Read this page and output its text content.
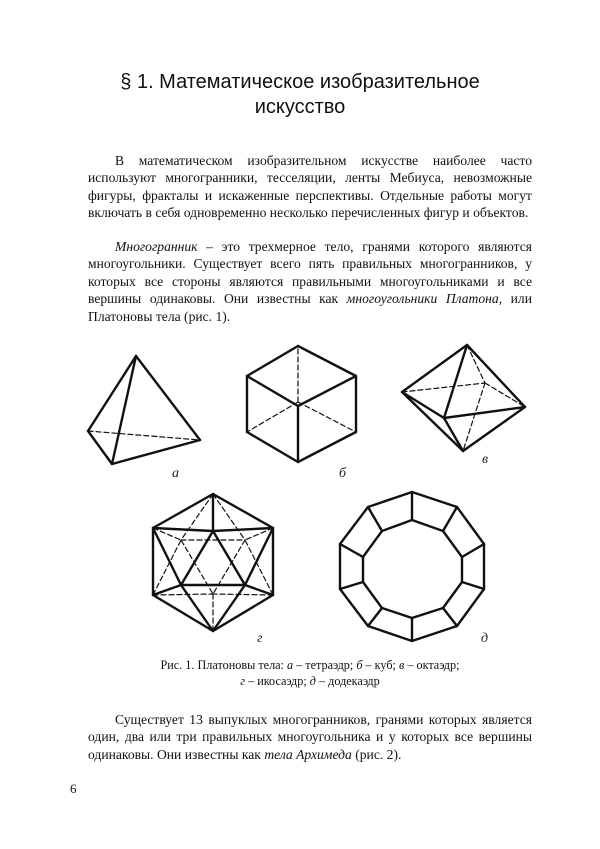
§ 1. Математическое изобразительное
искусство
В математическом изобразительном искусстве наиболее часто используют многогранники, тесселяции, ленты Мебиуса, невозможные фигуры, фракталы и искаженные перспективы. Отдельные работы могут включать в себя одновременно несколько перечисленных фигур и объектов.
Многогранник – это трехмерное тело, гранями которого являются многоугольники. Существует всего пять правильных многогранников, у которых все стороны являются правильными многоугольниками и все вершины одинаковы. Они известны как многоугольники Платона, или Платоновы тела (рис. 1).
а	б
в
г	д
Рис. 1. Платоновы тела: а – тетраэдр; б – куб; в – октаэдр;
г – икосаэдр; д – додекаэдр
Существует 13 выпуклых многогранников, гранями которых является один, два или три правильных многоугольника и у которых все вершины одинаковы. Они известны как тела Архимеда (рис. 2).
6
